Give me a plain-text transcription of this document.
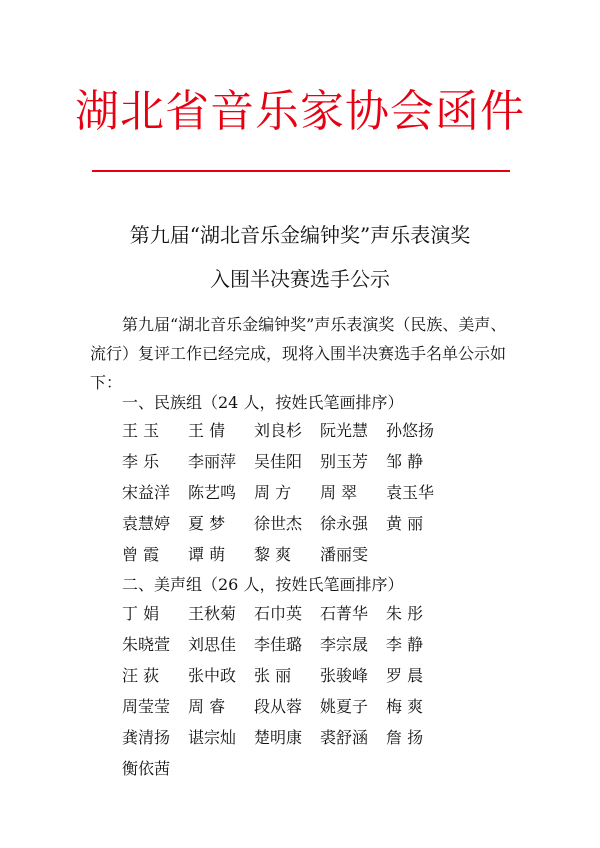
湖北省音乐家协会函件
第九届“湖北音乐金编钟奖”声乐表演奖
入围半决赛选手公示
第九届“湖北音乐金编钟奖”声乐表演奖（民族、美声、流行）复评工作已经完成，现将入围半决赛选手名单公示如下：
一、民族组（24 人，按姓氏笔画排序）
王 玉	王 倩	刘良杉	阮光慧	孙悠扬
李 乐	李丽萍	吴佳阳	别玉芳	邹 静
宋益洋	陈艺鸣	周 方	周 翠	袁玉华
袁慧婷	夏 梦	徐世杰	徐永强	黄 丽
曾 霞	谭 萌	黎 爽	潘丽雯
二、美声组（26 人，按姓氏笔画排序）
丁 娟	王秋菊	石巾英	石菁华	朱 彤
朱晓萱	刘思佳	李佳璐	李宗晟	李 静
汪 荻	张中政	张 丽	张骏峰	罗 晨
周莹莹	周 睿	段从蓉	姚夏子	梅 爽
龚清扬	谌宗灿	楚明康	裘舒涵	詹 扬
衡依茜
